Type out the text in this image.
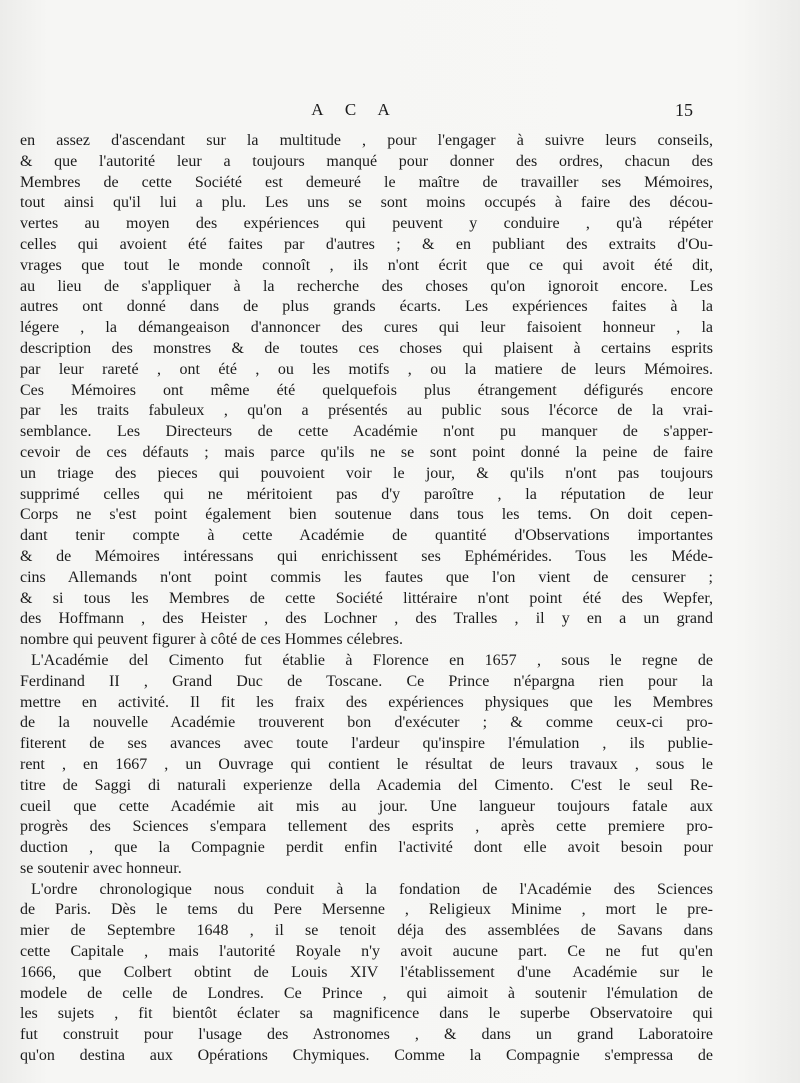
A C A	15
en assez d'ascendant sur la multitude , pour l'engager à suivre leurs conseils,
& que l'autorité leur a toujours manqué pour donner des ordres, chacun des
Membres de cette Société est demeuré le maître de travailler ses Mémoires,
tout ainsi qu'il lui a plu. Les uns se sont moins occupés à faire des décou-
vertes au moyen des expériences qui peuvent y conduire , qu'à répéter
celles qui avoient été faites par d'autres ; & en publiant des extraits d'Ou-
vrages que tout le monde connoît , ils n'ont écrit que ce qui avoit été dit,
au lieu de s'appliquer à la recherche des choses qu'on ignoroit encore. Les
autres ont donné dans de plus grands écarts. Les expériences faites à la
légere , la démangeaison d'annoncer des cures qui leur faisoient honneur , la
description des monstres & de toutes ces choses qui plaisent à certains esprits
par leur rareté , ont été , ou les motifs , ou la matiere de leurs Mémoires.
Ces Mémoires ont même été quelquefois plus étrangement défigurés encore
par les traits fabuleux , qu'on a présentés au public sous l'écorce de la vrai-
semblance. Les Directeurs de cette Académie n'ont pu manquer de s'apper-
cevoir de ces défauts ; mais parce qu'ils ne se sont point donné la peine de faire
un triage des pieces qui pouvoient voir le jour, & qu'ils n'ont pas toujours
supprimé celles qui ne méritoient pas d'y paroître , la réputation de leur
Corps ne s'est point également bien soutenue dans tous les tems. On doit cepen-
dant tenir compte à cette Académie de quantité d'Observations importantes
& de Mémoires intéressans qui enrichissent ses Ephémérides. Tous les Méde-
cins Allemands n'ont point commis les fautes que l'on vient de censurer ;
& si tous les Membres de cette Société littéraire n'ont point été des Wepfer,
des Hoffmann , des Heister , des Lochner , des Tralles , il y en a un grand
nombre qui peuvent figurer à côté de ces Hommes célebres.
L'Académie del Cimento fut établie à Florence en 1657 , sous le regne de
Ferdinand II , Grand Duc de Toscane. Ce Prince n'épargna rien pour la
mettre en activité. Il fit les fraix des expériences physiques que les Membres
de la nouvelle Académie trouverent bon d'exécuter ; & comme ceux-ci pro-
fiterent de ses avances avec toute l'ardeur qu'inspire l'émulation , ils publie-
rent , en 1667 , un Ouvrage qui contient le résultat de leurs travaux , sous le
titre de Saggi di naturali experienze della Academia del Cimento. C'est le seul Re-
cueil que cette Académie ait mis au jour. Une langueur toujours fatale aux
progrès des Sciences s'empara tellement des esprits , après cette premiere pro-
duction , que la Compagnie perdit enfin l'activité dont elle avoit besoin pour
se soutenir avec honneur.
L'ordre chronologique nous conduit à la fondation de l'Académie des Sciences
de Paris. Dès le tems du Pere Mersenne , Religieux Minime , mort le pre-
mier de Septembre 1648 , il se tenoit déja des assemblées de Savans dans
cette Capitale , mais l'autorité Royale n'y avoit aucune part. Ce ne fut qu'en
1666, que Colbert obtint de Louis XIV l'établissement d'une Académie sur le
modele de celle de Londres. Ce Prince , qui aimoit à soutenir l'émulation de
les sujets , fit bientôt éclater sa magnificence dans le superbe Observatoire qui
fut construit pour l'usage des Astronomes , & dans un grand Laboratoire
qu'on destina aux Opérations Chymiques. Comme la Compagnie s'empressa de
